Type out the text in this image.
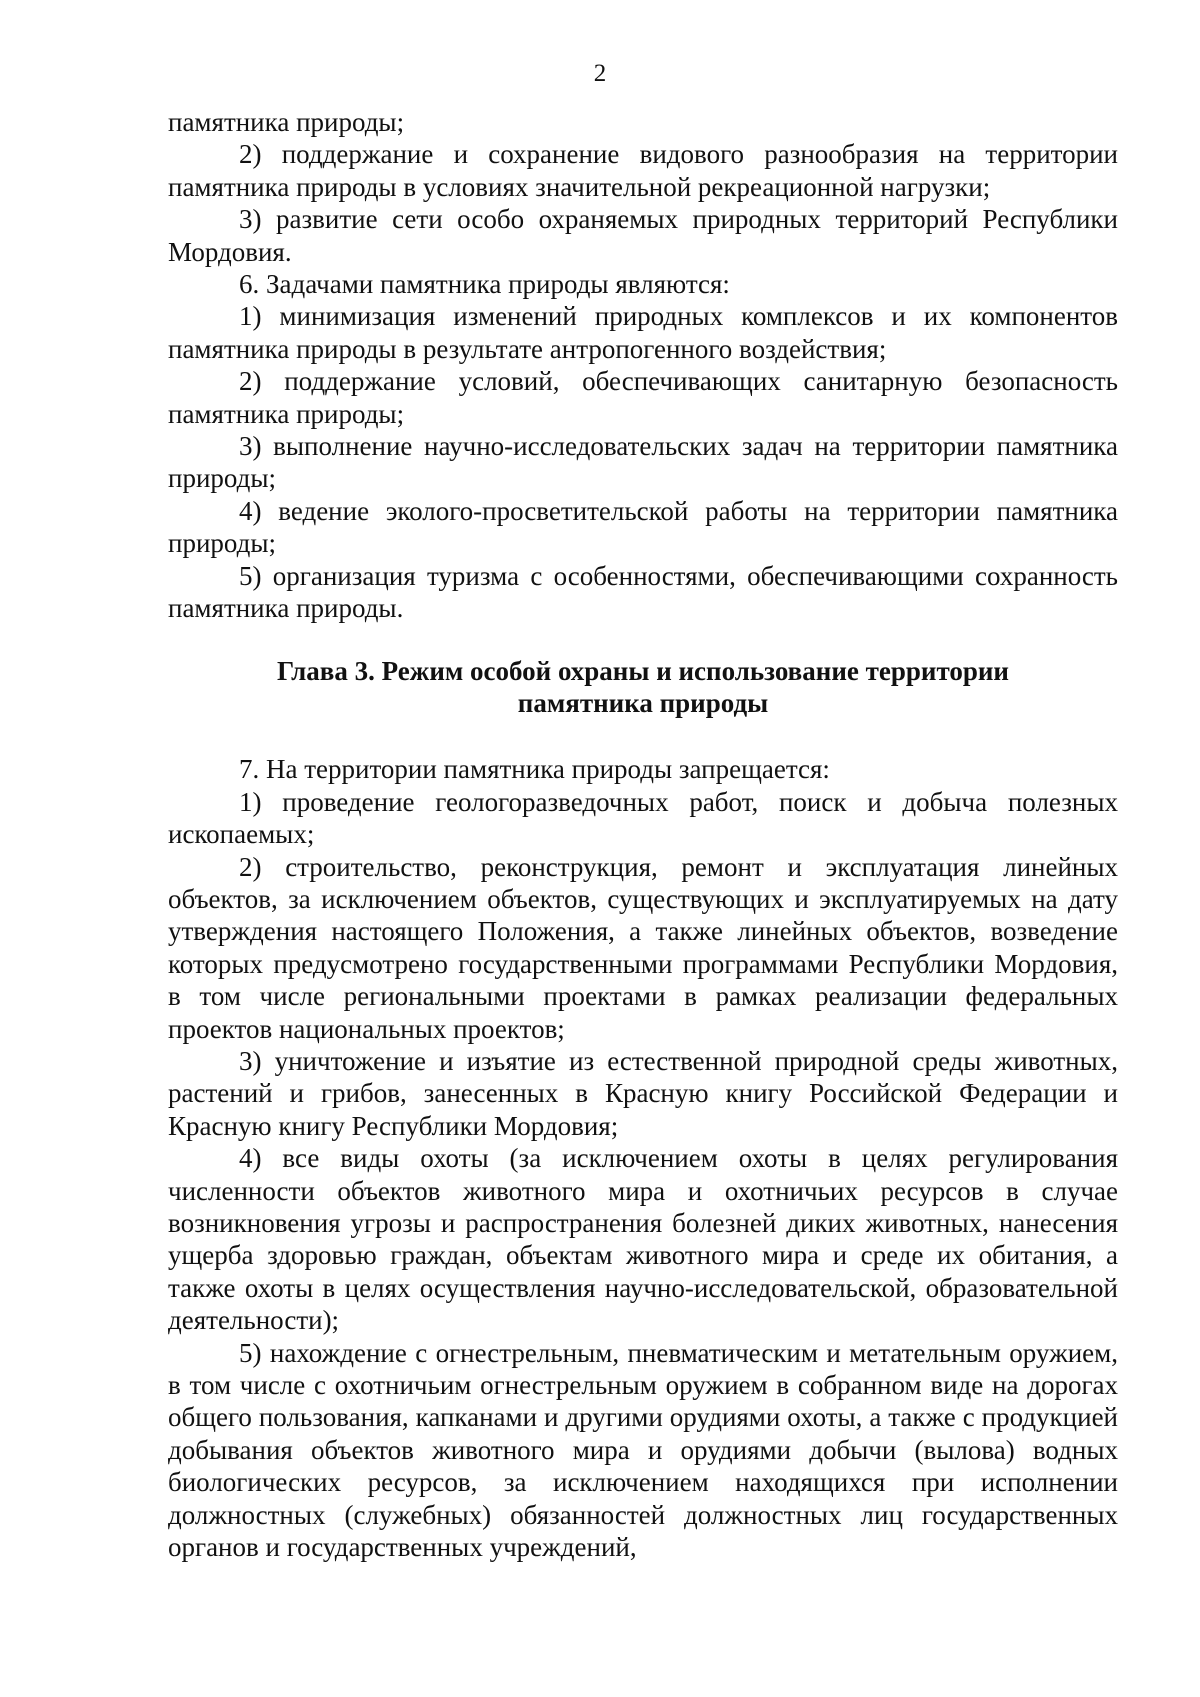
2

памятника природы;

2) поддержание и сохранение видового разнообразия на территории памятника природы в условиях значительной рекреационной нагрузки;

3) развитие сети особо охраняемых природных территорий Республики Мордовия.

6. Задачами памятника природы являются:

1) минимизация изменений природных комплексов и их компонентов памятника природы в результате антропогенного воздействия;

2) поддержание условий, обеспечивающих санитарную безопасность памятника природы;

3) выполнение научно-исследовательских задач на территории памятника природы;

4) ведение эколого-просветительской работы на территории памятника природы;

5) организация туризма с особенностями, обеспечивающими сохранность памятника природы.

Глава 3. Режим особой охраны и использование территории
памятника природы

7. На территории памятника природы запрещается:

1) проведение геологоразведочных работ, поиск и добыча полезных ископаемых;

2) строительство, реконструкция, ремонт и эксплуатация линейных объектов, за исключением объектов, существующих и эксплуатируемых на дату утверждения настоящего Положения, а также линейных объектов, возведение которых предусмотрено государственными программами Республики Мордовия, в том числе региональными проектами в рамках реализации федеральных проектов национальных проектов;

3) уничтожение и изъятие из естественной природной среды животных, растений и грибов, занесенных в Красную книгу Российской Федерации и Красную книгу Республики Мордовия;

4) все виды охоты (за исключением охоты в целях регулирования численности объектов животного мира и охотничьих ресурсов в случае возникновения угрозы и распространения болезней диких животных, нанесения ущерба здоровью граждан, объектам животного мира и среде их обитания, а также охоты в целях осуществления научно-исследовательской, образовательной деятельности);

5) нахождение с огнестрельным, пневматическим и метательным оружием, в том числе с охотничьим огнестрельным оружием в собранном виде на дорогах общего пользования, капканами и другими орудиями охоты, а также с продукцией добывания объектов животного мира и орудиями добычи (вылова) водных биологических ресурсов, за исключением находящихся при исполнении должностных (служебных) обязанностей должностных лиц государственных органов и государственных учреждений,
